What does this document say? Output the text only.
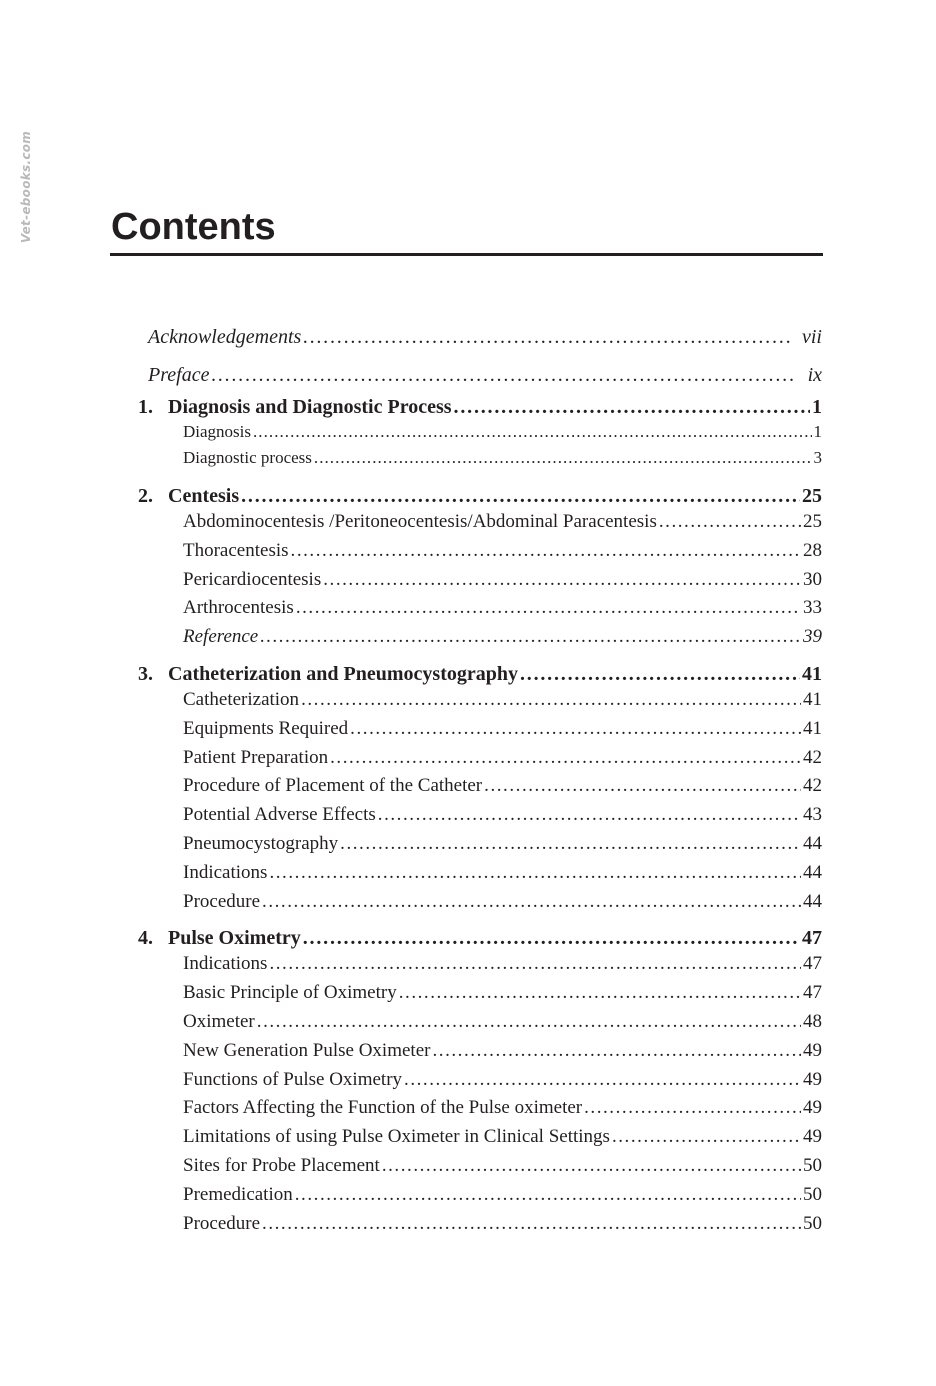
Vet-ebooks.com Contents
Acknowledgements . . .	vii
Preface . . .	ix
1. Diagnosis and Diagnostic Process . . .	1
Diagnosis . . .	1
Diagnostic process . . .	3
2. Centesis . . .	25
Abdominocentesis /Peritoneocentesis/Abdominal Paracentesis . . .	25
Thoracentesis . . .	28
Pericardiocentesis . . .	30
Arthrocentesis . . .	33
Reference . . .	39
3. Catheterization and Pneumocystography . . .	41
Catheterization . . .	41
Equipments Required . . .	41
Patient Preparation . . .	42
Procedure of Placement of the Catheter . . .	42
Potential Adverse Effects . . .	43
Pneumocystography . . .	44
Indications . . .	44
Procedure . . .	44
4. Pulse Oximetry . . .	47
Indications . . .	47
Basic Principle of Oximetry . . .	47
Oximeter . . .	48
New Generation Pulse Oximeter . . .	49
Functions of Pulse Oximetry . . .	49
Factors Affecting the Function of the Pulse oximeter . . .	49
Limitations of using Pulse Oximeter in Clinical Settings . . .	49
Sites for Probe Placement . . .	50
Premedication . . .	50
Procedure . . .	50
